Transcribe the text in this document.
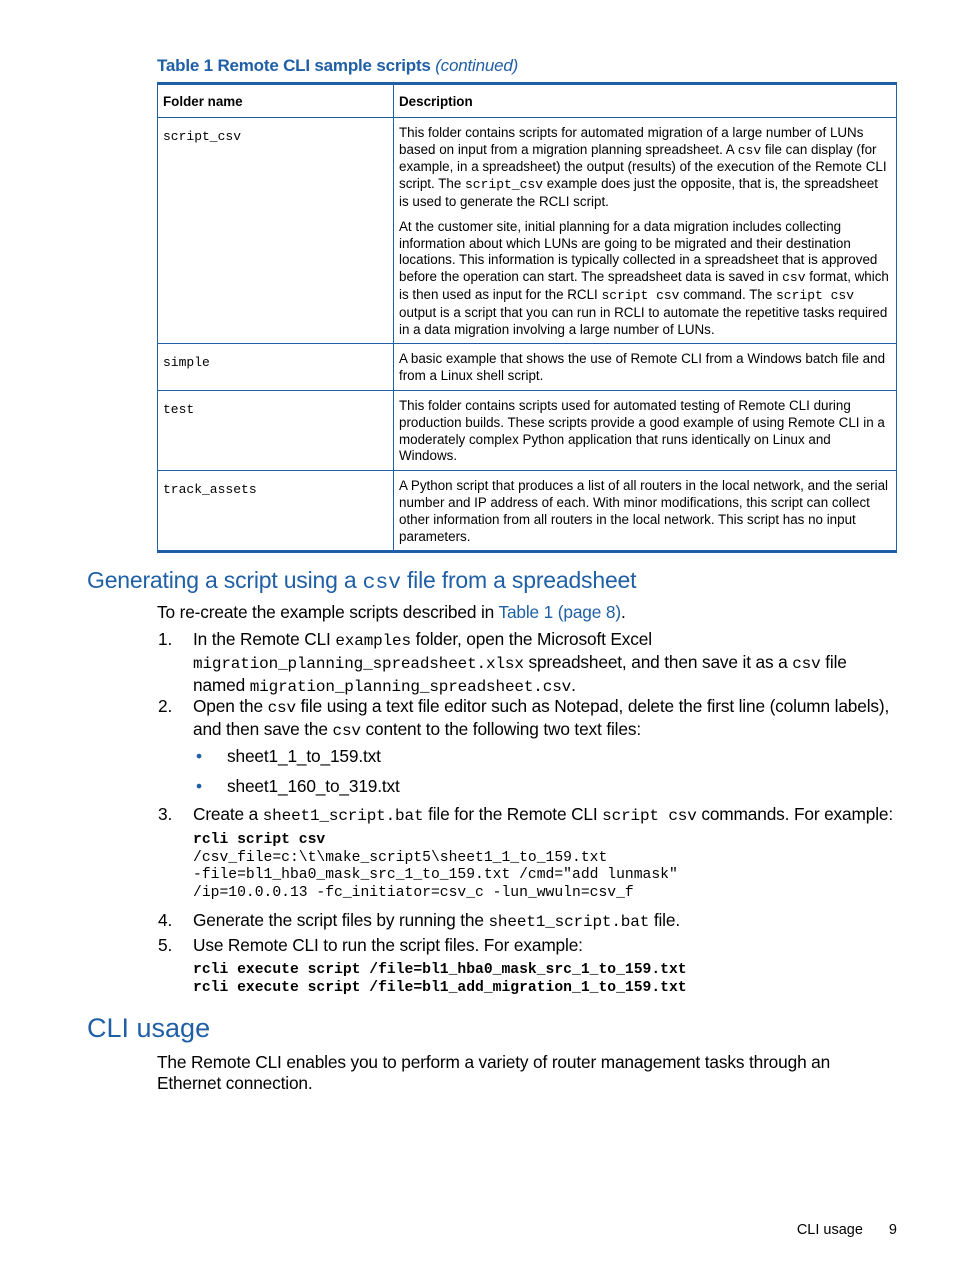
Table 1 Remote CLI sample scripts (continued)

Folder name	Description
script_csv	This folder contains scripts for automated migration of a large number of LUNs based on input from a migration planning spreadsheet. A csv file can display (for example, in a spreadsheet) the output (results) of the execution of the Remote CLI script. The script_csv example does just the opposite, that is, the spreadsheet is used to generate the RCLI script.

At the customer site, initial planning for a data migration includes collecting information about which LUNs are going to be migrated and their destination locations. This information is typically collected in a spreadsheet that is approved before the operation can start. The spreadsheet data is saved in csv format, which is then used as input for the RCLI script csv command. The script csv output is a script that you can run in RCLI to automate the repetitive tasks required in a data migration involving a large number of LUNs.

simple	A basic example that shows the use of Remote CLI from a Windows batch file and from a Linux shell script.

test	This folder contains scripts used for automated testing of Remote CLI during production builds. These scripts provide a good example of using Remote CLI in a moderately complex Python application that runs identically on Linux and Windows.

track_assets	A Python script that produces a list of all routers in the local network, and the serial number and IP address of each. With minor modifications, this script can collect other information from all routers in the local network. This script has no input parameters.

Generating a script using a csv file from a spreadsheet

To re-create the example scripts described in Table 1 (page 8).

1. In the Remote CLI examples folder, open the Microsoft Excel migration_planning_spreadsheet.xlsx spreadsheet, and then save it as a csv file named migration_planning_spreadsheet.csv.

2. Open the csv file using a text file editor such as Notepad, delete the first line (column labels), and then save the csv content to the following two text files:

• sheet1_1_to_159.txt
• sheet1_160_to_319.txt
3. Create a sheet1_script.bat file for the Remote CLI script csv commands. For example:

rcli script csv
/csv_file=c:\t\make_script5\sheet1_1_to_159.txt
-file=bl1_hba0_mask_src_1_to_159.txt /cmd="add lunmask"
/ip=10.0.0.13 -fc_initiator=csv_c -lun_wwuln=csv_f
4. Generate the script files by running the sheet1_script.bat file.

5. Use Remote CLI to run the script files. For example:

rcli execute script /file=bl1_hba0_mask_src_1_to_159.txt
rcli execute script /file=bl1_add_migration_1_to_159.txt
CLI usage

The Remote CLI enables you to perform a variety of router management tasks through an Ethernet connection.

CLI usage 9
